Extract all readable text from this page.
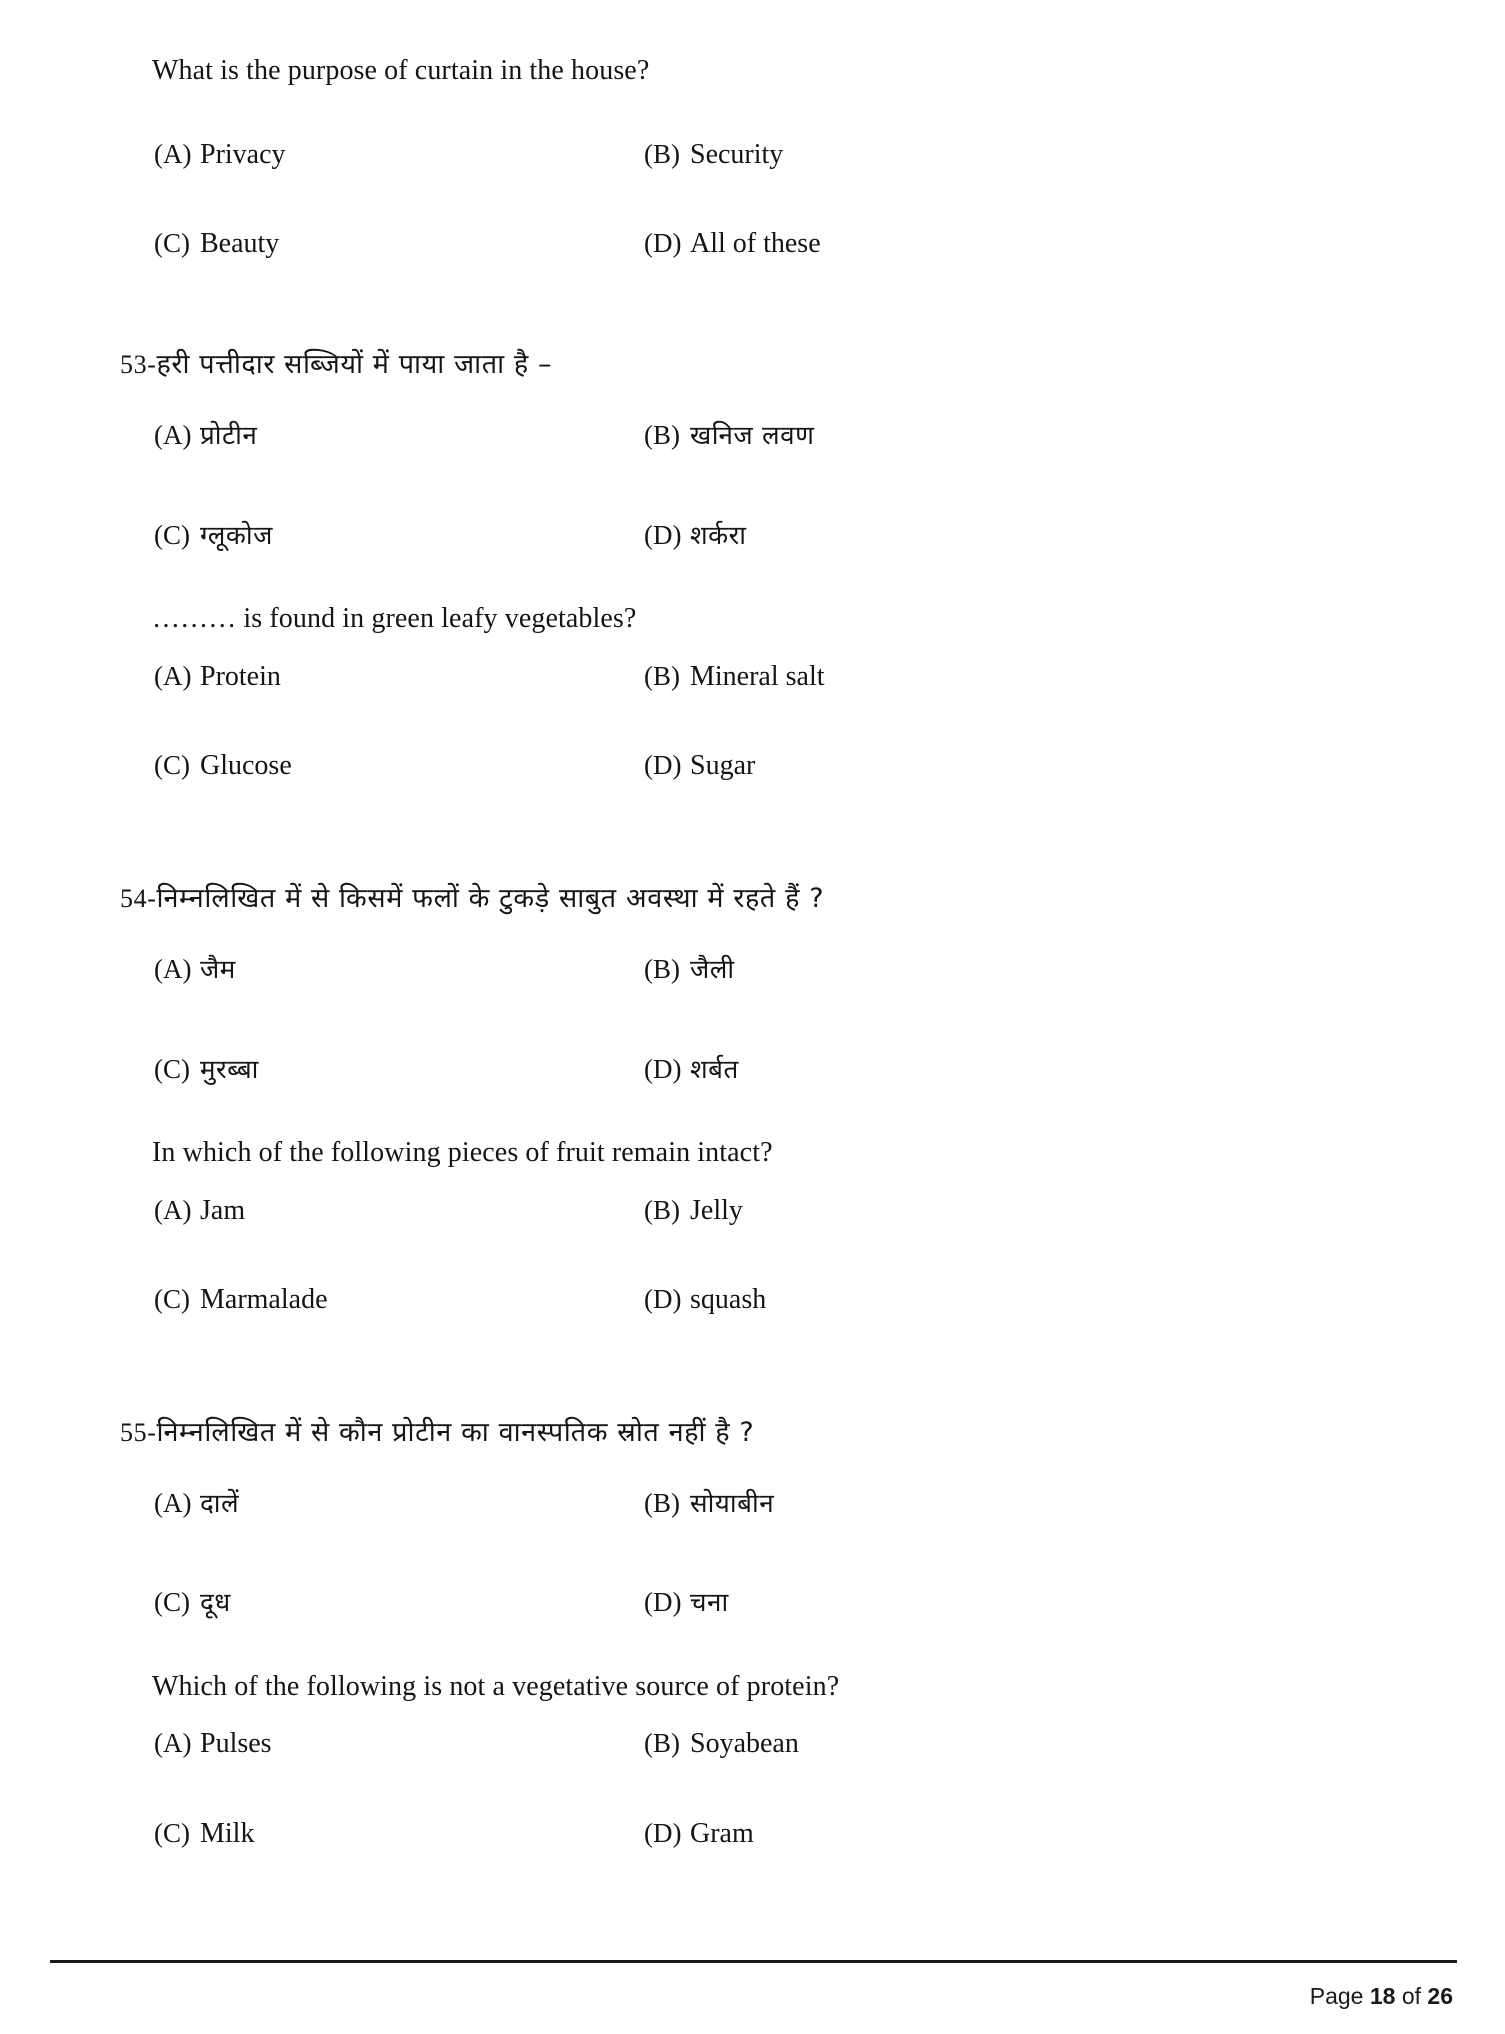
What is the purpose of curtain in the house?
(A) Privacy	(B) Security
(C) Beauty	(D) All of these
53- हरी पत्तीदार सब्जियों में पाया जाता है –
(A) प्रोटीन	(B) खनिज लवण
(C) ग्लूकोज	(D) शर्करा
……… is found in green leafy vegetables?
(A) Protein	(B) Mineral salt
(C) Glucose	(D) Sugar
54- निम्नलिखित में से किसमें फलों के टुकड़े साबुत अवस्था में रहते हैं ?
(A) जैम	(B) जैली
(C) मुरब्बा	(D) शर्बत
In which of the following pieces of fruit remain intact?
(A) Jam	(B) Jelly
(C) Marmalade	(D) squash
55- निम्नलिखित में से कौन प्रोटीन का वानस्पतिक स्रोत नहीं है ?
(A) दालें	(B) सोयाबीन
(C) दूध	(D) चना
Which of the following is not a vegetative source of protein?
(A) Pulses	(B) Soyabean
(C) Milk	(D) Gram
Page 18 of 26
